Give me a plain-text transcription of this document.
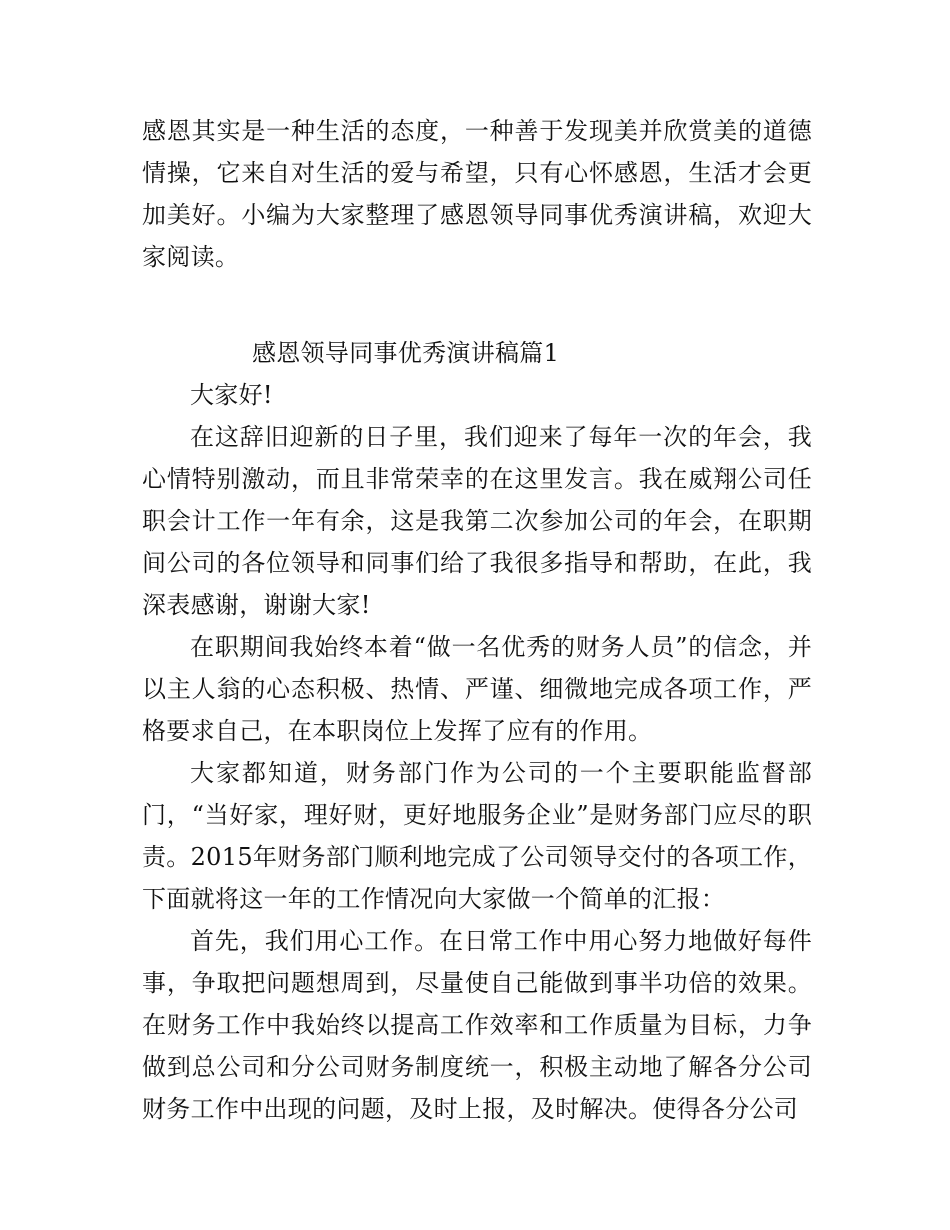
感恩其实是一种生活的态度，一种善于发现美并欣赏美的道德情操，它来自对生活的爱与希望，只有心怀感恩，生活才会更加美好。小编为大家整理了感恩领导同事优秀演讲稿，欢迎大家阅读。

感恩领导同事优秀演讲稿篇1

大家好!

在这辞旧迎新的日子里，我们迎来了每年一次的年会，我心情特别激动，而且非常荣幸的在这里发言。我在威翔公司任职会计工作一年有余，这是我第二次参加公司的年会，在职期间公司的各位领导和同事们给了我很多指导和帮助，在此，我深表感谢，谢谢大家!

在职期间我始终本着“做一名优秀的财务人员”的信念，并以主人翁的心态积极、热情、严谨、细微地完成各项工作，严格要求自己，在本职岗位上发挥了应有的作用。

大家都知道，财务部门作为公司的一个主要职能监督部门，“当好家，理好财，更好地服务企业”是财务部门应尽的职责。2015年财务部门顺利地完成了公司领导交付的各项工作，下面就将这一年的工作情况向大家做一个简单的汇报：

首先，我们用心工作。在日常工作中用心努力地做好每件事，争取把问题想周到，尽量使自己能做到事半功倍的效果。在财务工作中我始终以提高工作效率和工作质量为目标，力争做到总公司和分公司财务制度统一，积极主动地了解各分公司财务工作中出现的问题，及时上报，及时解决。使得各分公司
